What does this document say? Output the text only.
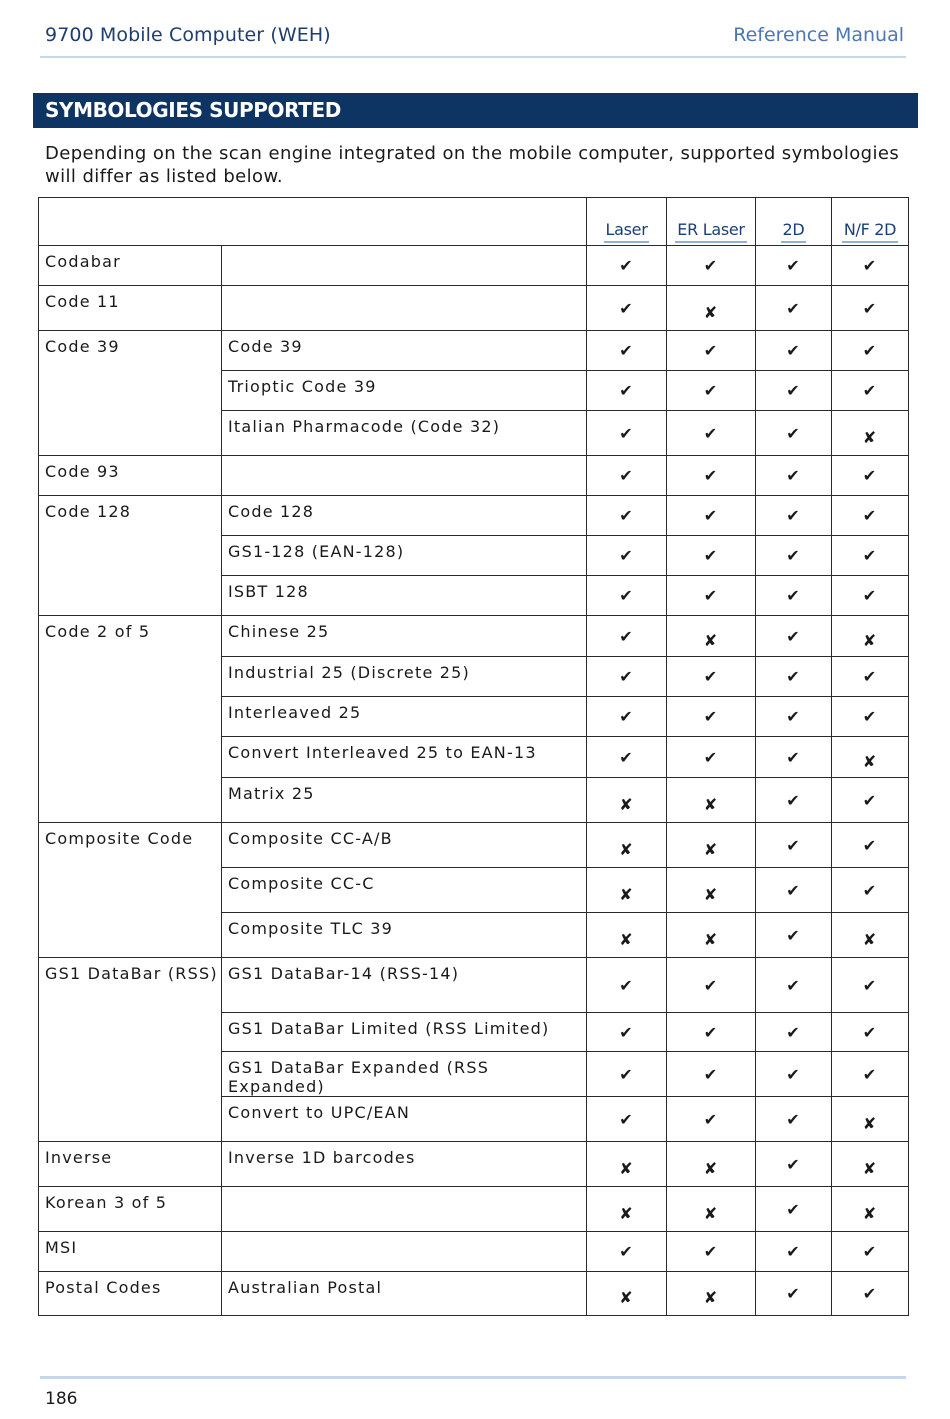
9700 Mobile Computer (WEH)	Reference Manual
SYMBOLOGIES SUPPORTED
Depending on the scan engine integrated on the mobile computer, supported symbologies will differ as listed below.

		Laser	ER Laser	2D	N/F 2D

Codabar		✔	✔	✔	✔
Code 11		✔	✘	✔	✔
Code 39	Code 39	✔	✔	✔	✔
	Trioptic Code 39	✔	✔	✔	✔
	Italian Pharmacode (Code 32)	✔	✔	✔	✘
Code 93		✔	✔	✔	✔
Code 128	Code 128	✔	✔	✔	✔
	GS1-128 (EAN-128)	✔	✔	✔	✔
	ISBT 128	✔	✔	✔	✔
Code 2 of 5	Chinese 25	✔	✘	✔	✘
	Industrial 25 (Discrete 25)	✔	✔	✔	✔
	Interleaved 25	✔	✔	✔	✔
	Convert Interleaved 25 to EAN-13	✔	✔	✔	✘
	Matrix 25	✘	✘	✔	✔
Composite Code	Composite CC-A/B	✘	✘	✔	✔
	Composite CC-C	✘	✘	✔	✔
	Composite TLC 39	✘	✘	✔	✘
GS1 DataBar (RSS)	GS1 DataBar-14 (RSS-14)	✔	✔	✔	✔
	GS1 DataBar Limited (RSS Limited)	✔	✔	✔	✔
	GS1 DataBar Expanded (RSS Expanded)	✔	✔	✔	✔
	Convert to UPC/EAN	✔	✔	✔	✘
Inverse	Inverse 1D barcodes	✘	✘	✔	✘
Korean 3 of 5		✘	✘	✔	✘
MSI		✔	✔	✔	✔
Postal Codes	Australian Postal	✘	✘	✔	✔
186
